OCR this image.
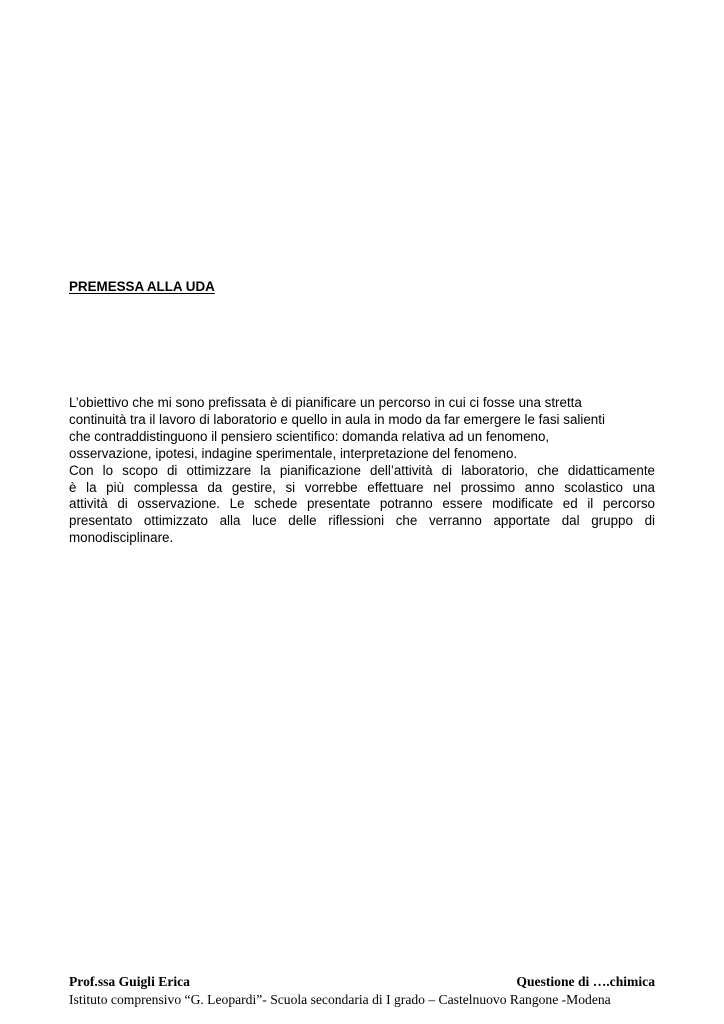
PREMESSA ALLA UDA

L’obiettivo che mi sono prefissata è di pianificare un percorso in cui ci fosse una stretta
continuità tra il lavoro di laboratorio e quello in aula in modo da far emergere le fasi salienti
che contraddistinguono il pensiero scientifico: domanda relativa ad un fenomeno,
osservazione, ipotesi, indagine sperimentale, interpretazione del fenomeno.

Con lo scopo di ottimizzare la pianificazione dell’attività di laboratorio, che didatticamente
è la più complessa da gestire, si vorrebbe effettuare nel prossimo anno scolastico una
attività di osservazione. Le schede presentate potranno essere modificate ed il percorso
presentato ottimizzato alla luce delle riflessioni che verranno apportate dal gruppo di
monodisciplinare.

Prof.ssa Guigli Erica	Questione di ….chimica
Istituto comprensivo “G. Leopardi”- Scuola secondaria di I grado – Castelnuovo Rangone -Modena
